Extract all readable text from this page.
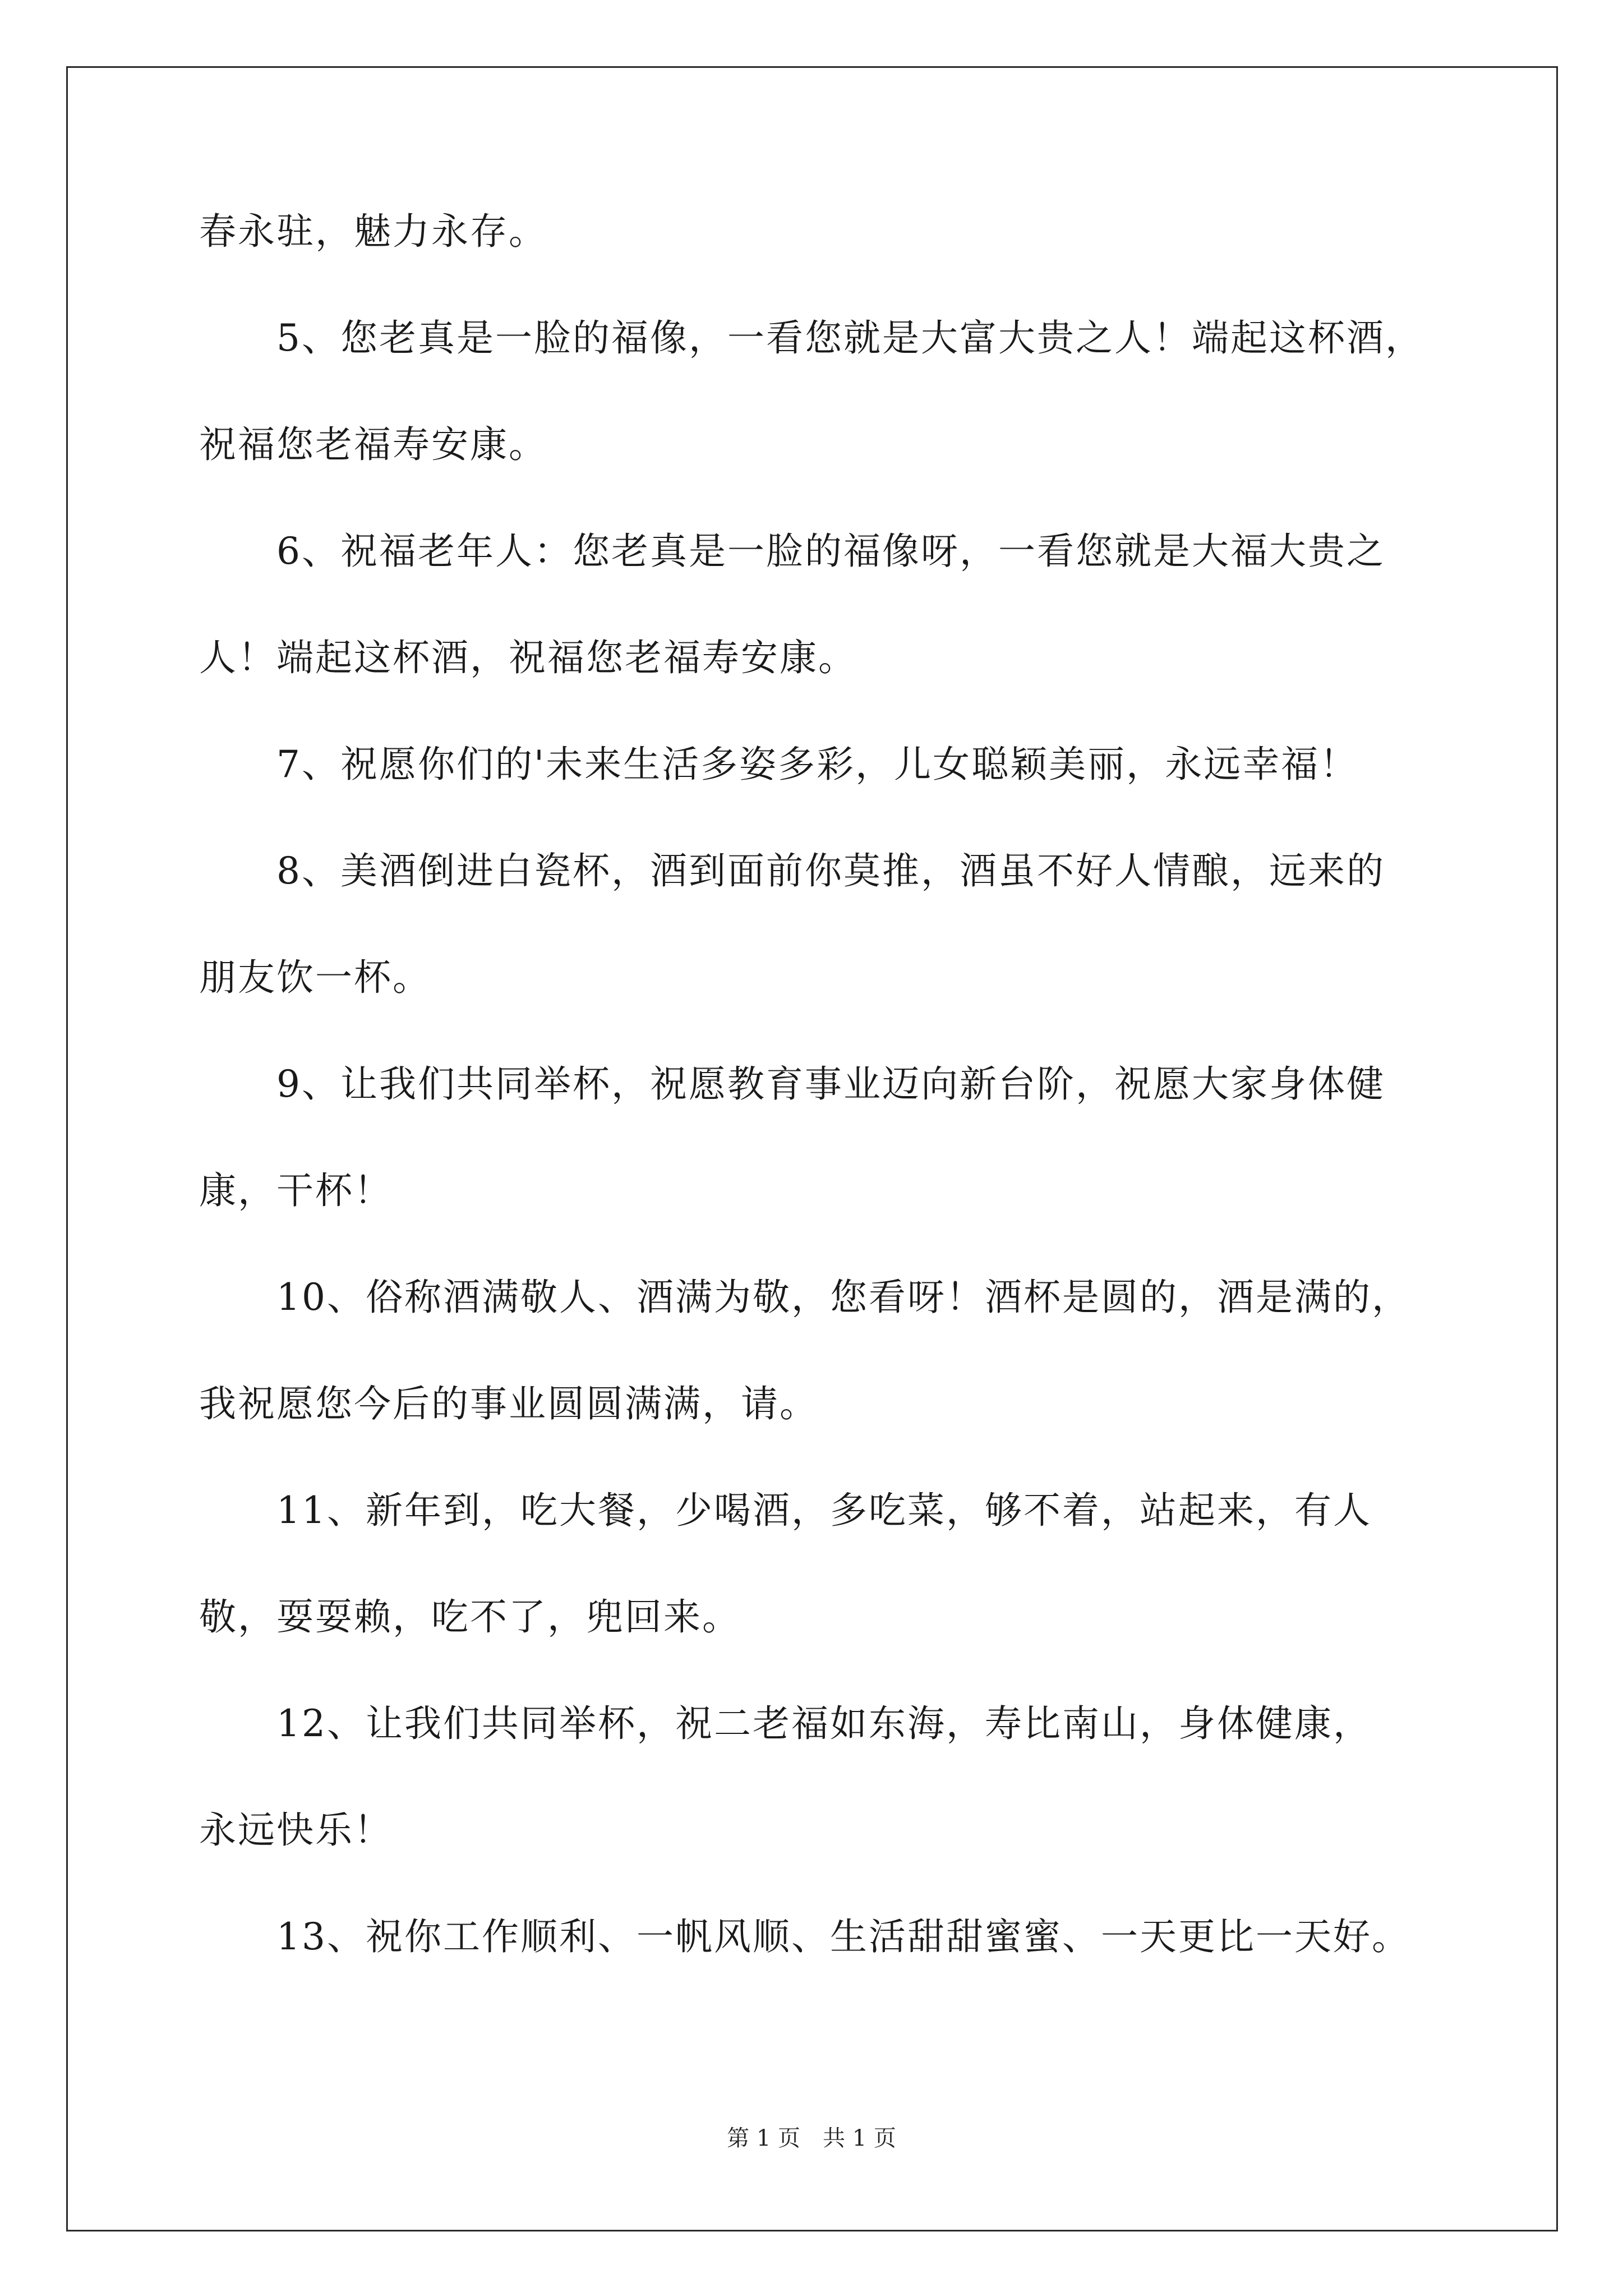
春永驻，魅力永存。
　　5、您老真是一脸的福像，一看您就是大富大贵之人！端起这杯酒，
祝福您老福寿安康。
　　6、祝福老年人：您老真是一脸的福像呀，一看您就是大福大贵之
人！端起这杯酒，祝福您老福寿安康。
　　7、祝愿你们的'未来生活多姿多彩，儿女聪颖美丽，永远幸福！
　　8、美酒倒进白瓷杯，酒到面前你莫推，酒虽不好人情酿，远来的
朋友饮一杯。
　　9、让我们共同举杯，祝愿教育事业迈向新台阶，祝愿大家身体健
康，干杯！
　　10、俗称酒满敬人、酒满为敬，您看呀！酒杯是圆的，酒是满的，
我祝愿您今后的事业圆圆满满，请。
　　11、新年到，吃大餐，少喝酒，多吃菜，够不着，站起来，有人
敬，耍耍赖，吃不了，兜回来。
　　12、让我们共同举杯，祝二老福如东海，寿比南山，身体健康，
永远快乐！
　　13、祝你工作顺利、一帆风顺、生活甜甜蜜蜜、一天更比一天好。
第 1 页　共 1 页
